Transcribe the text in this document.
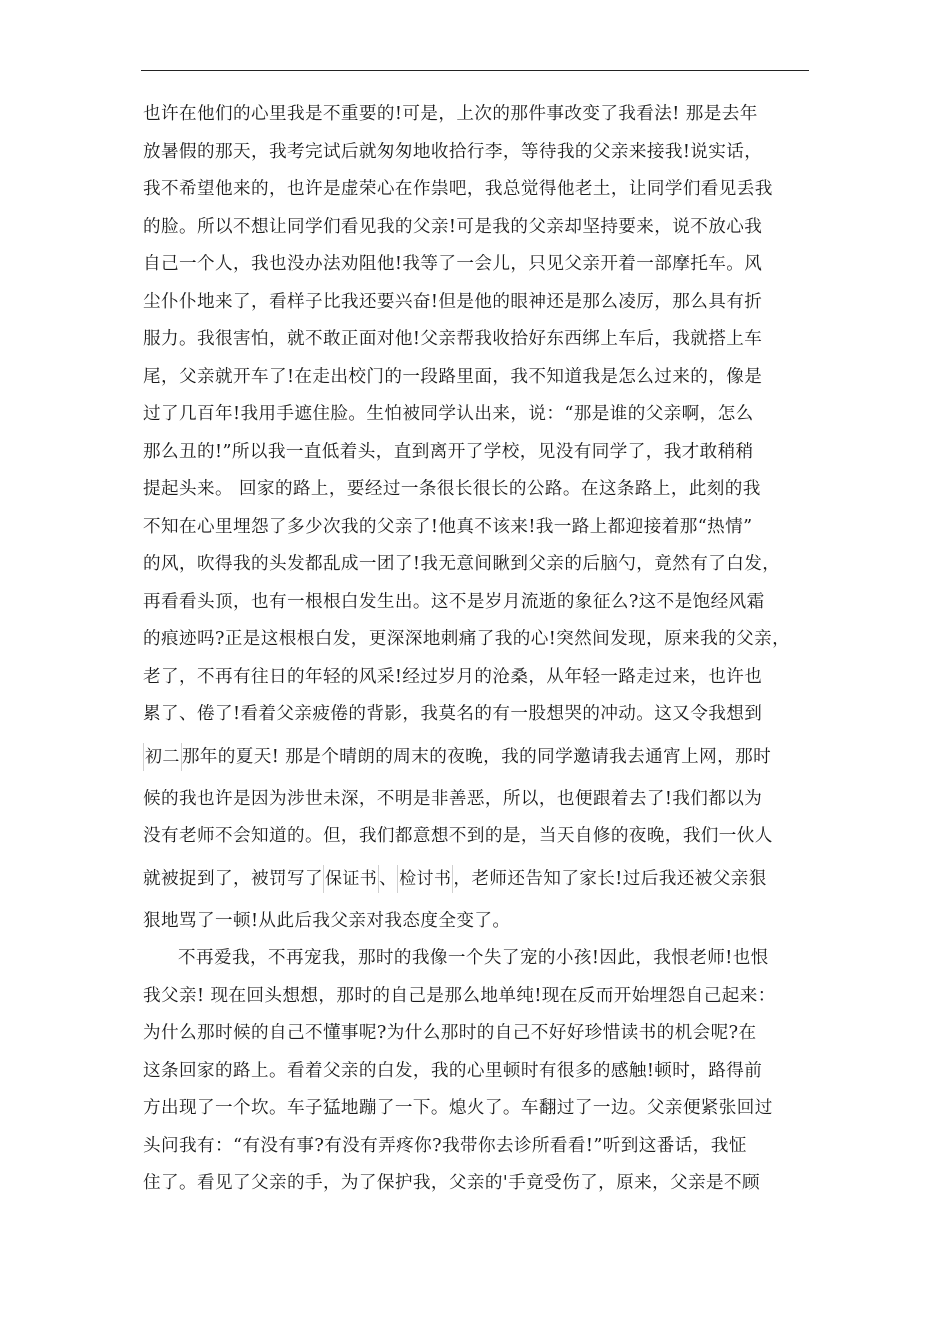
也许在他们的心里我是不重要的!可是，上次的那件事改变了我看法! 那是去年
放暑假的那天，我考完试后就匆匆地收拾行李，等待我的父亲来接我!说实话，
我不希望他来的，也许是虚荣心在作祟吧，我总觉得他老土，让同学们看见丢我
的脸。所以不想让同学们看见我的父亲!可是我的父亲却坚持要来，说不放心我
自己一个人，我也没办法劝阻他!我等了一会儿，只见父亲开着一部摩托车。风
尘仆仆地来了，看样子比我还要兴奋!但是他的眼神还是那么凌厉，那么具有折
服力。我很害怕，就不敢正面对他!父亲帮我收拾好东西绑上车后，我就搭上车
尾，父亲就开车了!在走出校门的一段路里面，我不知道我是怎么过来的，像是
过了几百年!我用手遮住脸。生怕被同学认出来，说：“那是谁的父亲啊，怎么
那么丑的!”所以我一直低着头，直到离开了学校，见没有同学了，我才敢稍稍
提起头来。 回家的路上，要经过一条很长很长的公路。在这条路上，此刻的我
不知在心里埋怨了多少次我的父亲了!他真不该来!我一路上都迎接着那“热情”
的风，吹得我的头发都乱成一团了!我无意间瞅到父亲的后脑勺，竟然有了白发，
再看看头顶，也有一根根白发生出。这不是岁月流逝的象征么?这不是饱经风霜
的痕迹吗?正是这根根白发，更深深地刺痛了我的心!突然间发现，原来我的父亲，
老了，不再有往日的年轻的风采!经过岁月的沧桑，从年轻一路走过来，也许也
累了、倦了!看着父亲疲倦的背影，我莫名的有一股想哭的冲动。这又令我想到
初二 那年的夏天! 那是个晴朗的周末的夜晚，我的同学邀请我去通宵上网，那时
候的我也许是因为涉世未深，不明是非善恶，所以，也便跟着去了!我们都以为
没有老师不会知道的。但，我们都意想不到的是，当天自修的夜晚，我们一伙人
就被捉到了，被罚写了 保证书 、 检讨书 ，老师还告知了家长!过后我还被父亲狠
狠地骂了一顿!从此后我父亲对我态度全变了。
不再爱我，不再宠我，那时的我像一个失了宠的小孩!因此，我恨老师!也恨
我父亲! 现在回头想想，那时的自己是那么地单纯!现在反而开始埋怨自己起来：
为什么那时候的自己不懂事呢?为什么那时的自己不好好珍惜读书的机会呢?在
这条回家的路上。看着父亲的白发，我的心里顿时有很多的感触!顿时，路得前
方出现了一个坎。车子猛地蹦了一下。熄火了。车翻过了一边。父亲便紧张回过
头问我有：“有没有事?有没有弄疼你?我带你去诊所看看!”听到这番话，我怔
住了。看见了父亲的手，为了保护我，父亲的'手竟受伤了，原来，父亲是不顾
